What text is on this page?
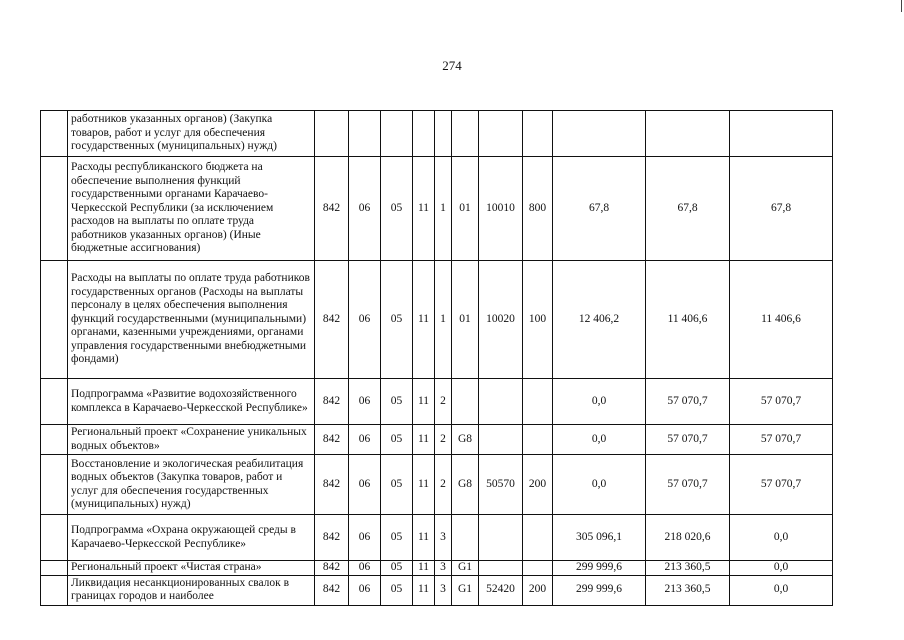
274
	работников указанных органов) (Закупка товаров, работ и услуг для обеспечения государственных (муниципальных) нужд)											
	Расходы республиканского бюджета на обеспечение выполнения функций государственными органами Карачаево-Черкесской Республики (за исключением расходов на выплаты по оплате труда работников указанных органов) (Иные бюджетные ассигнования)	842	06	05	11	1	01	10010	800	67,8	67,8	67,8
	Расходы на выплаты по оплате труда работников государственных органов (Расходы на выплаты персоналу в целях обеспечения выполнения функций государственными (муниципальными) органами, казенными учреждениями, органами управления государственными внебюджетными фондами)	842	06	05	11	1	01	10020	100	12 406,2	11 406,6	11 406,6
	Подпрограмма «Развитие водохозяйственного комплекса в Карачаево-Черкесской Республике»	842	06	05	11	2				0,0	57 070,7	57 070,7
	Региональный проект «Сохранение уникальных водных объектов»	842	06	05	11	2	G8			0,0	57 070,7	57 070,7
	Восстановление и экологическая реабилитация водных объектов (Закупка товаров, работ и услуг для обеспечения государственных (муниципальных) нужд)	842	06	05	11	2	G8	50570	200	0,0	57 070,7	57 070,7
	Подпрограмма «Охрана окружающей среды в Карачаево-Черкесской Республике»	842	06	05	11	3				305 096,1	218 020,6	0,0
	Региональный проект «Чистая страна»	842	06	05	11	3	G1			299 999,6	213 360,5	0,0
	Ликвидация несанкционированных свалок в границах городов и наиболее	842	06	05	11	3	G1	52420	200	299 999,6	213 360,5	0,0
